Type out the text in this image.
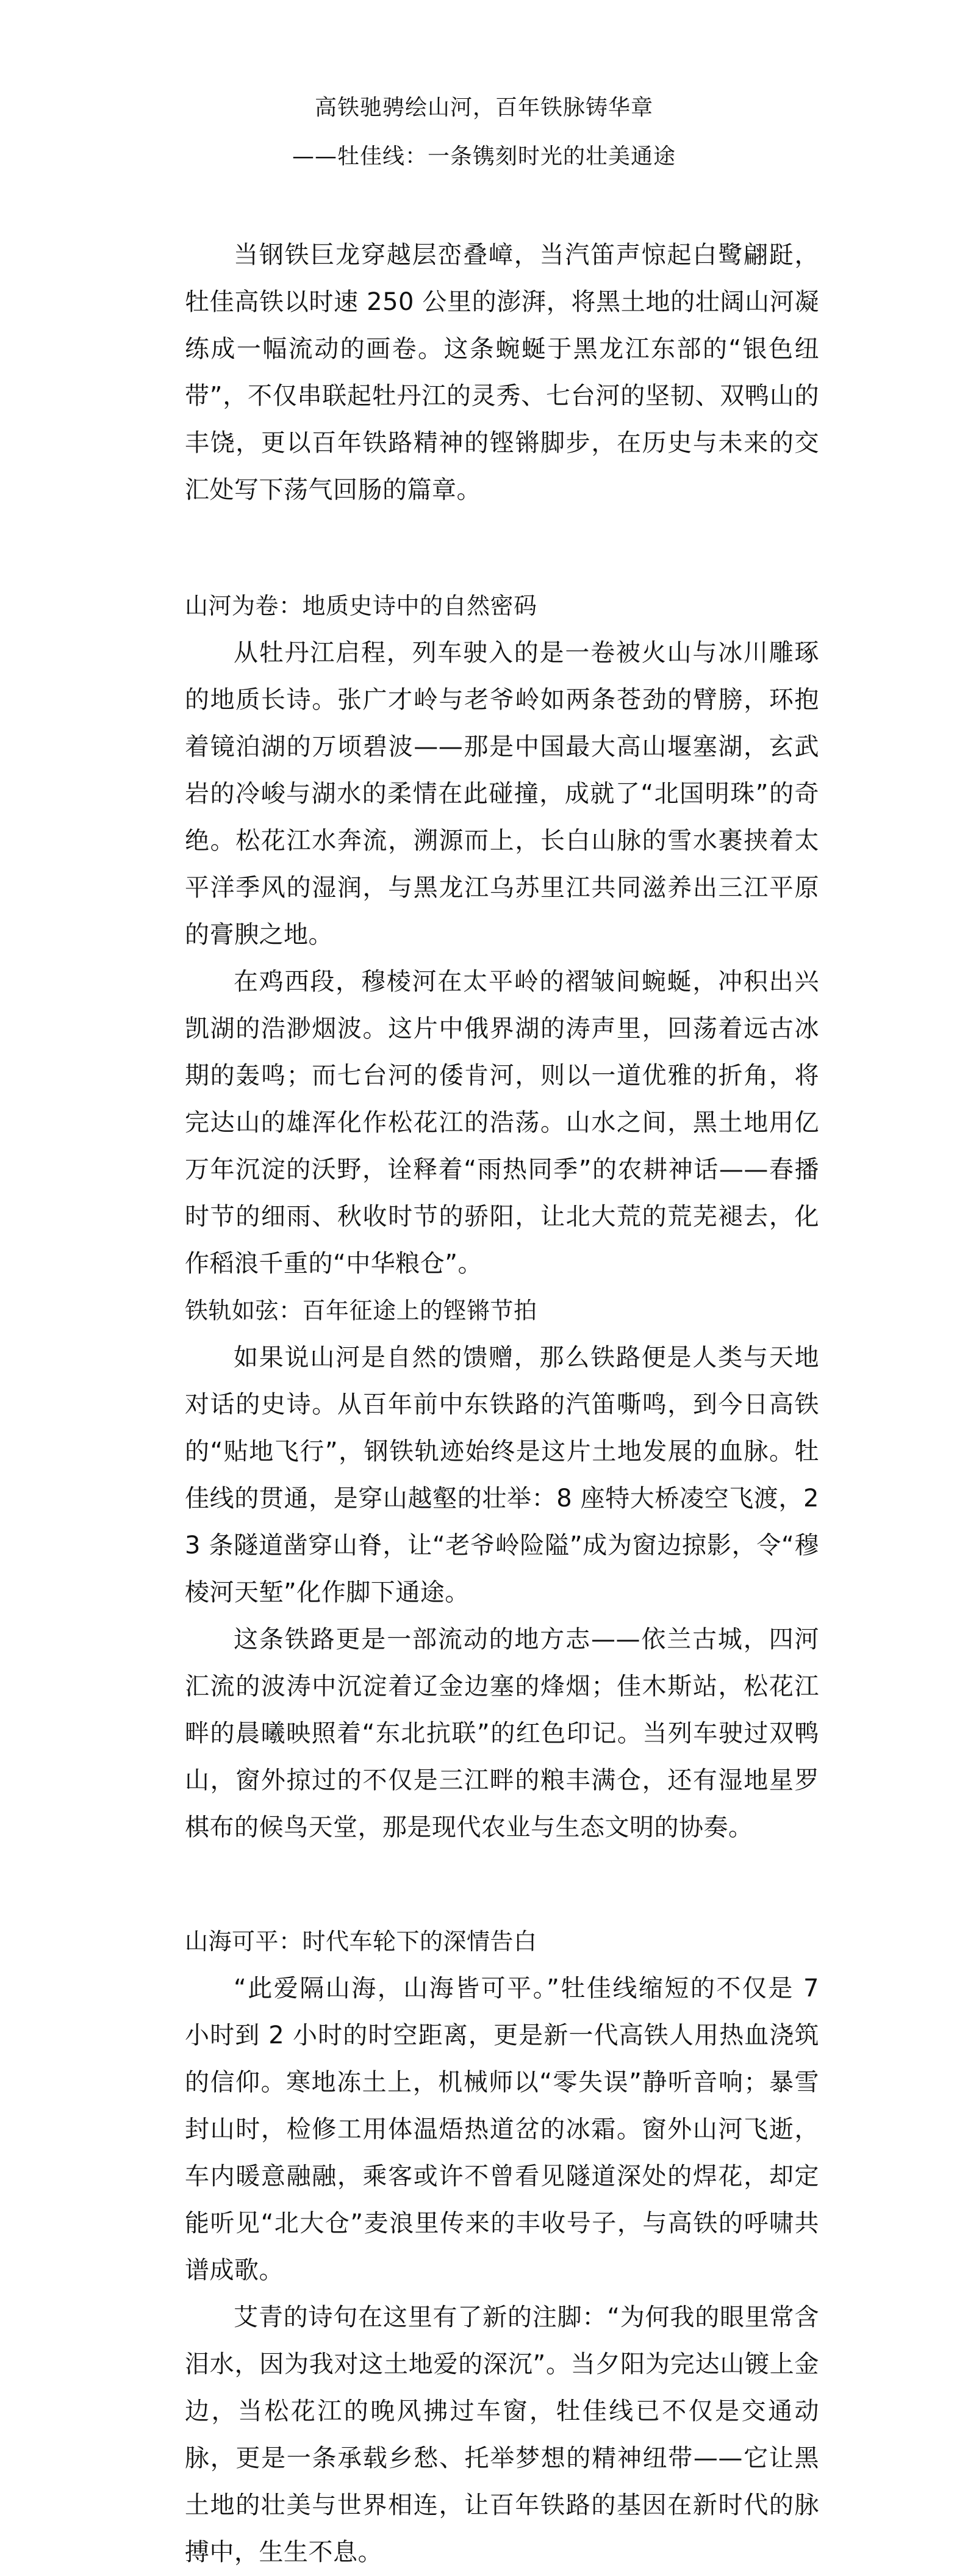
高铁驰骋绘山河，百年铁脉铸华章
——牡佳线：一条镌刻时光的壮美通途

当钢铁巨龙穿越层峦叠嶂，当汽笛声惊起白鹭翩跹，牡佳高铁以时速 250 公里的澎湃，将黑土地的壮阔山河凝练成一幅流动的画卷。这条蜿蜒于黑龙江东部的“银色纽带”，不仅串联起牡丹江的灵秀、七台河的坚韧、双鸭山的丰饶，更以百年铁路精神的铿锵脚步，在历史与未来的交汇处写下荡气回肠的篇章。

山河为卷：地质史诗中的自然密码

从牡丹江启程，列车驶入的是一卷被火山与冰川雕琢的地质长诗。张广才岭与老爷岭如两条苍劲的臂膀，环抱着镜泊湖的万顷碧波——那是中国最大高山堰塞湖，玄武岩的冷峻与湖水的柔情在此碰撞，成就了“北国明珠”的奇绝。松花江水奔流，溯源而上，长白山脉的雪水裹挟着太平洋季风的湿润，与黑龙江乌苏里江共同滋养出三江平原的膏腴之地。

在鸡西段，穆棱河在太平岭的褶皱间蜿蜒，冲积出兴凯湖的浩渺烟波。这片中俄界湖的涛声里，回荡着远古冰期的轰鸣；而七台河的倭肯河，则以一道优雅的折角，将完达山的雄浑化作松花江的浩荡。山水之间，黑土地用亿万年沉淀的沃野，诠释着“雨热同季”的农耕神话——春播时节的细雨、秋收时节的骄阳，让北大荒的荒芜褪去，化作稻浪千重的“中华粮仓”。

铁轨如弦：百年征途上的铿锵节拍

如果说山河是自然的馈赠，那么铁路便是人类与天地对话的史诗。从百年前中东铁路的汽笛嘶鸣，到今日高铁的“贴地飞行”，钢铁轨迹始终是这片土地发展的血脉。牡佳线的贯通，是穿山越壑的壮举：8 座特大桥凌空飞渡，23 条隧道凿穿山脊，让“老爷岭险隘”成为窗边掠影，令“穆棱河天堑”化作脚下通途。

这条铁路更是一部流动的地方志——依兰古城，四河汇流的波涛中沉淀着辽金边塞的烽烟；佳木斯站，松花江畔的晨曦映照着“东北抗联”的红色印记。当列车驶过双鸭山，窗外掠过的不仅是三江畔的粮丰满仓，还有湿地星罗棋布的候鸟天堂，那是现代农业与生态文明的协奏。

山海可平：时代车轮下的深情告白

“此爱隔山海，山海皆可平。”牡佳线缩短的不仅是 7 小时到 2 小时的时空距离，更是新一代高铁人用热血浇筑的信仰。寒地冻土上，机械师以“零失误”静听音响；暴雪封山时，检修工用体温焐热道岔的冰霜。窗外山河飞逝，车内暖意融融，乘客或许不曾看见隧道深处的焊花，却定能听见“北大仓”麦浪里传来的丰收号子，与高铁的呼啸共谱成歌。

艾青的诗句在这里有了新的注脚：“为何我的眼里常含泪水，因为我对这土地爱的深沉”。当夕阳为完达山镀上金边，当松花江的晚风拂过车窗，牡佳线已不仅是交通动脉，更是一条承载乡愁、托举梦想的精神纽带——它让黑土地的壮美与世界相连，让百年铁路的基因在新时代的脉搏中，生生不息。
